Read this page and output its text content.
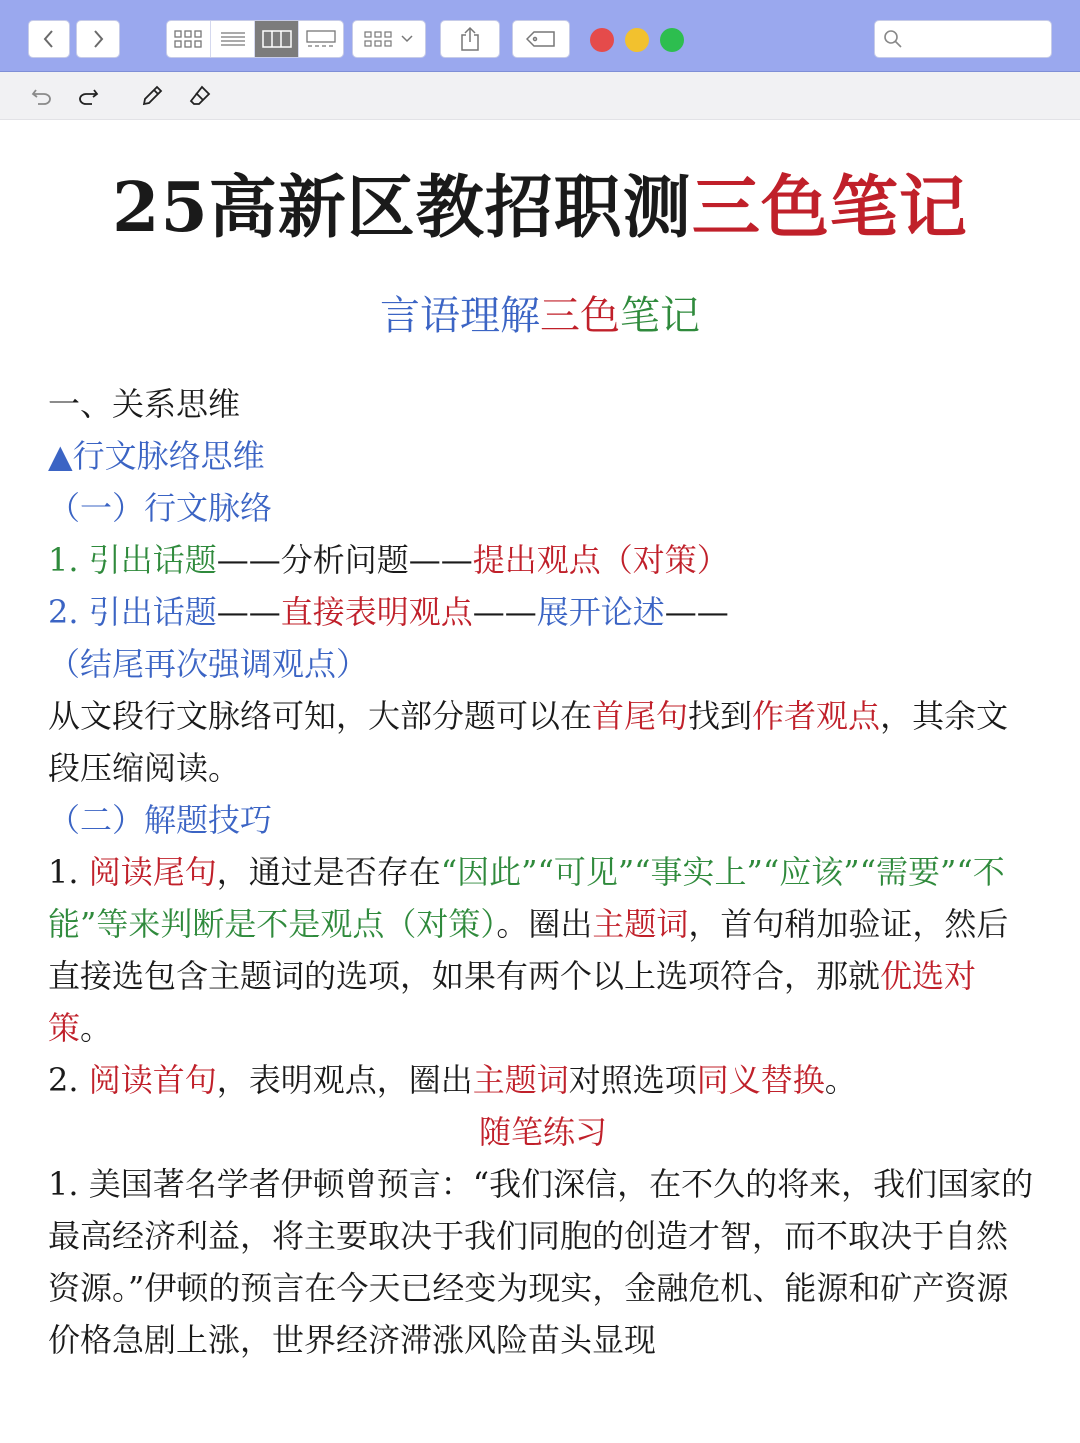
25高新区教招职测三色笔记
言语理解三色笔记

一、关系思维

▲行文脉络思维

（一）行文脉络

1. 引出话题——分析问题——提出观点（对策）

2. 引出话题——直接表明观点——展开论述——（结尾再次强调观点）

从文段行文脉络可知，大部分题可以在首尾句找到作者观点，其余文段压缩阅读。

（二）解题技巧

1. 阅读尾句，通过是否存在“因此”“可见”“事实上”“应该”“需要”“不能”等来判断是不是观点（对策）。圈出主题词，首句稍加验证，然后直接选包含主题词的选项，如果有两个以上选项符合，那就优选对策。

2. 阅读首句，表明观点，圈出主题词对照选项同义替换。

随笔练习

1. 美国著名学者伊顿曾预言：“我们深信，在不久的将来，我们国家的最高经济利益，将主要取决于我们同胞的创造才智，而不取决于自然资源。”伊顿的预言在今天已经变为现实，金融危机、能源和矿产资源价格急剧上涨，世界经济滞涨风险苗头显现
